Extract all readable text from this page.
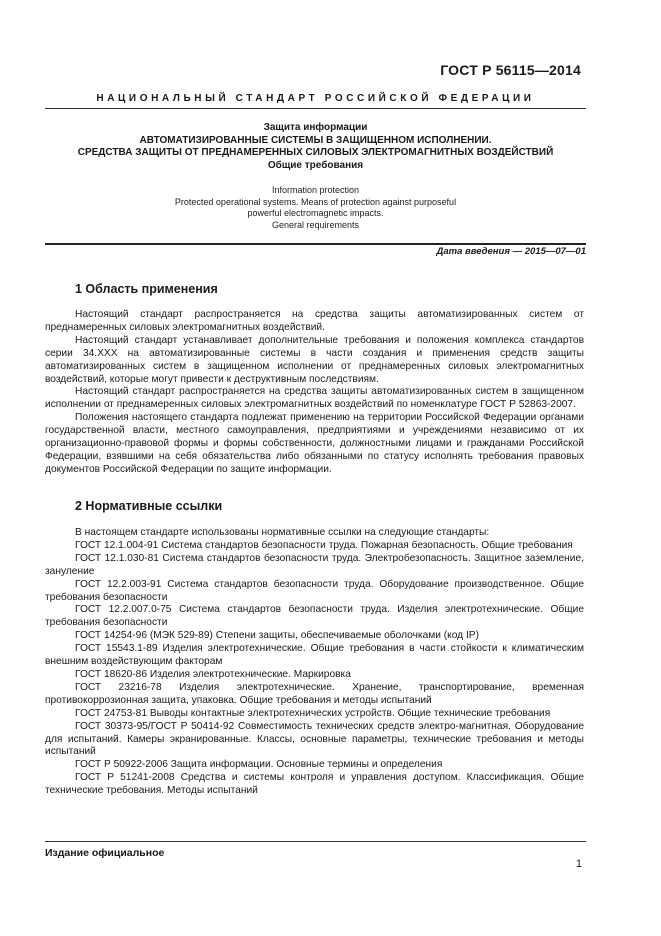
ГОСТ Р 56115—2014
НАЦИОНАЛЬНЫЙ СТАНДАРТ РОССИЙСКОЙ ФЕДЕРАЦИИ
Защита информации
АВТОМАТИЗИРОВАННЫЕ СИСТЕМЫ В ЗАЩИЩЕННОМ ИСПОЛНЕНИИ.
СРЕДСТВА ЗАЩИТЫ ОТ ПРЕДНАМЕРЕННЫХ СИЛОВЫХ ЭЛЕКТРОМАГНИТНЫХ ВОЗДЕЙСТВИЙ
Общие требования
Information protection
Protected operational systems. Means of protection against purposeful
powerful electromagnetic impacts.
General requirements
Дата введения — 2015—07—01
1 Область применения

Настоящий стандарт распространяется на средства защиты автоматизированных систем от преднамеренных силовых электромагнитных воздействий.

Настоящий стандарт устанавливает дополнительные требования и положения комплекса стандартов серии 34.ХХХ на автоматизированные системы в части создания и применения средств защиты автоматизированных систем в защищенном исполнении от преднамеренных силовых электромагнитных воздействий, которые могут привести к деструктивным последствиям.

Настоящий стандарт распространяется на средства защиты автоматизированных систем в защищенном исполнении от преднамеренных силовых электромагнитных воздействий по номенклатуре ГОСТ Р 52863-2007.

Положения настоящего стандарта подлежат применению на территории Российской Федерации органами государственной власти, местного самоуправления, предприятиями и учреждениями независимо от их организационно-правовой формы и формы собственности, должностными лицами и гражданами Российской Федерации, взявшими на себя обязательства либо обязанными по статусу исполнять требования правовых документов Российской Федерации по защите информации.

2 Нормативные ссылки

В настоящем стандарте использованы нормативные ссылки на следующие стандарты:

ГОСТ 12.1.004-91 Система стандартов безопасности труда. Пожарная безопасность. Общие требования

ГОСТ 12.1.030-81 Система стандартов безопасности труда. Электробезопасность. Защитное заземление, зануление

ГОСТ 12.2.003-91 Система стандартов безопасности труда. Оборудование производственное. Общие требования безопасности

ГОСТ 12.2.007.0-75 Система стандартов безопасности труда. Изделия электротехнические. Общие требования безопасности

ГОСТ 14254-96 (МЭК 529-89) Степени защиты, обеспечиваемые оболочками (код IP)

ГОСТ 15543.1-89 Изделия электротехнические. Общие требования в части стойкости к климатическим внешним воздействующим факторам

ГОСТ 18620-86 Изделия электротехнические. Маркировка

ГОСТ 23216-78 Изделия электротехнические. Хранение, транспортирование, временная противокоррозионная защита, упаковка. Общие требования и методы испытаний

ГОСТ 24753-81 Выводы контактные электротехнических устройств. Общие технические требования

ГОСТ 30373-95/ГОСТ Р 50414-92 Совместимость технических средств электро-магнитная. Оборудование для испытаний. Камеры экранированные. Классы, основные параметры, технические требования и методы испытаний

ГОСТ Р 50922-2006 Защита информации. Основные термины и определения

ГОСТ Р 51241-2008 Средства и системы контроля и управления доступом. Классификация. Общие технические требования. Методы испытаний

Издание официальное
1
